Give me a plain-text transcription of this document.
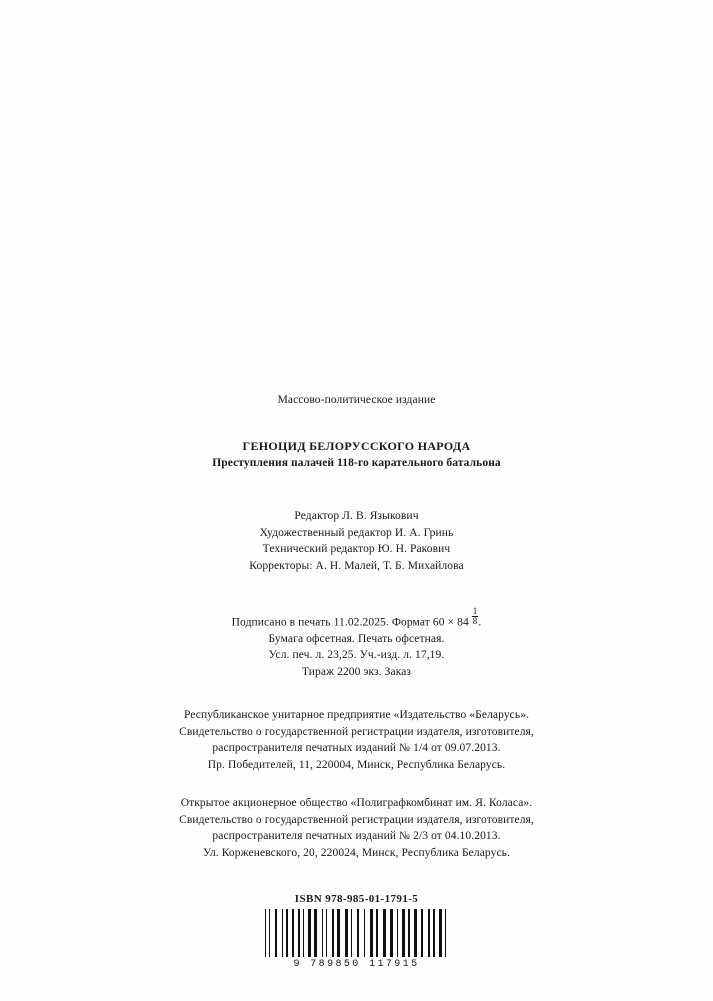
Массово-политическое издание
ГЕНОЦИД БЕЛОРУССКОГО НАРОДА
Преступления палачей 118-го карательного батальона
Редактор Л. В. Языкович
Художественный редактор И. А. Гринь
Технический редактор Ю. Н. Ракович
Корректоры: А. Н. Малей, Т. Б. Михайлова
Подписано в печать 11.02.2025. Формат $60 \times 84 \frac{1}{8}$ .
Бумага офсетная. Печать офсетная.
Усл. печ. л. 23,25. Уч.-изд. л. 17,19.
Тираж 2200 экз. Заказ
Республиканское унитарное предприятие «Издательство «Беларусь».
Свидетельство о государственной регистрации издателя, изготовителя,
распространителя печатных изданий № 1/4 от 09.07.2013.
Пр. Победителей, 11, 220004, Минск, Республика Беларусь.
Открытое акционерное общество «Полиграфкомбинат им. Я. Коласа».
Свидетельство о государственной регистрации издателя, изготовителя,
распространителя печатных изданий № 2/3 от 04.10.2013.
Ул. Корженевского, 20, 220024, Минск, Республика Беларусь.
ISBN 978-985-01-1791-5
9 789850 117915
